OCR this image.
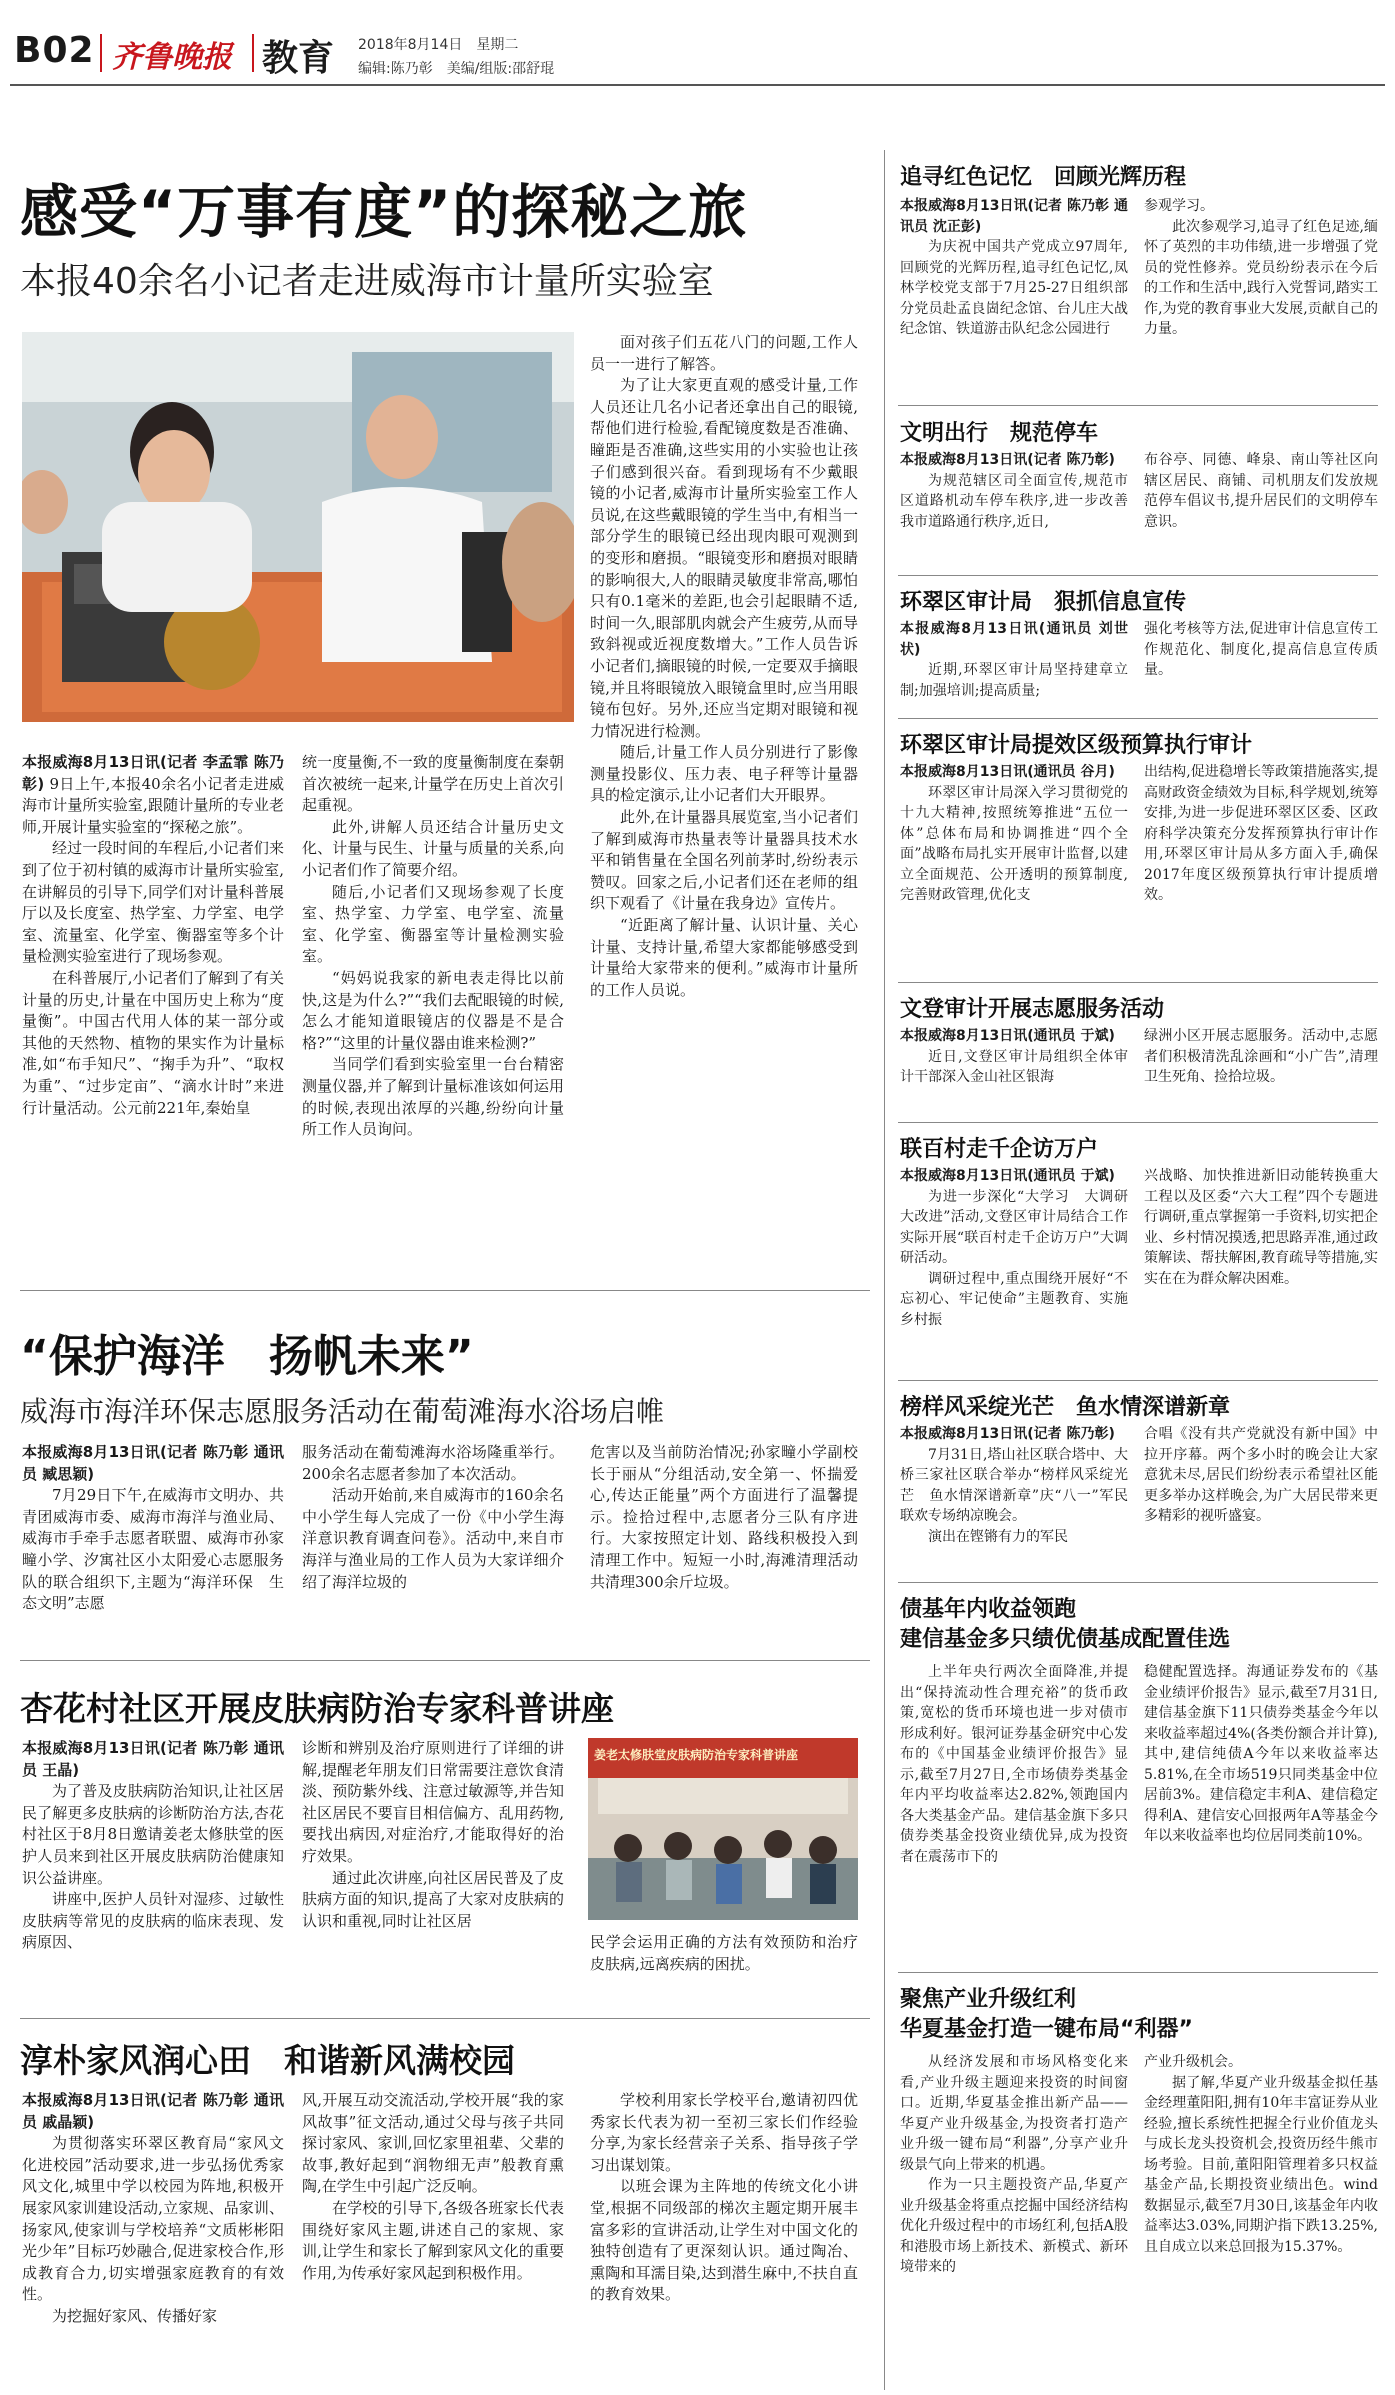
B02 齐鲁晚报 教育 2018年8月14日　星期二
编辑:陈乃彰　美编/组版:邵舒琨
感受“万事有度”的探秘之旅
本报40余名小记者走进威海市计量所实验室

本报威海8月13日讯(记者 李孟霏 陈乃彰) 9日上午,本报40余名小记者走进威海市计量所实验室,跟随计量所的专业老师,开展计量实验室的“探秘之旅”。

经过一段时间的车程后,小记者们来到了位于初村镇的威海市计量所实验室,在讲解员的引导下,同学们对计量科普展厅以及长度室、热学室、力学室、电学室、流量室、化学室、衡器室等多个计量检测实验室进行了现场参观。

在科普展厅,小记者们了解到了有关计量的历史,计量在中国历史上称为“度量衡”。中国古代用人体的某一部分或其他的天然物、植物的果实作为计量标准,如“布手知尺”、“掬手为升”、“取权为重”、“过步定亩”、“滴水计时”来进行计量活动。公元前221年,秦始皇

统一度量衡,不一致的度量衡制度在秦朝首次被统一起来,计量学在历史上首次引起重视。

此外,讲解人员还结合计量历史文化、计量与民生、计量与质量的关系,向小记者们作了简要介绍。

随后,小记者们又现场参观了长度室、热学室、力学室、电学室、流量室、化学室、衡器室等计量检测实验室。

“妈妈说我家的新电表走得比以前快,这是为什么?”“我们去配眼镜的时候,怎么才能知道眼镜店的仪器是不是合格?”“这里的计量仪器由谁来检测?”

当同学们看到实验室里一台台精密测量仪器,并了解到计量标准该如何运用的时候,表现出浓厚的兴趣,纷纷向计量所工作人员询问。

面对孩子们五花八门的问题,工作人员一一进行了解答。

为了让大家更直观的感受计量,工作人员还让几名小记者还拿出自己的眼镜,帮他们进行检验,看配镜度数是否准确、瞳距是否准确,这些实用的小实验也让孩子们感到很兴奋。看到现场有不少戴眼镜的小记者,威海市计量所实验室工作人员说,在这些戴眼镜的学生当中,有相当一部分学生的眼镜已经出现肉眼可观测到的变形和磨损。“眼镜变形和磨损对眼睛的影响很大,人的眼睛灵敏度非常高,哪怕只有0.1毫米的差距,也会引起眼睛不适,时间一久,眼部肌肉就会产生疲劳,从而导致斜视或近视度数增大。”工作人员告诉小记者们,摘眼镜的时候,一定要双手摘眼镜,并且将眼镜放入眼镜盒里时,应当用眼镜布包好。另外,还应当定期对眼镜和视力情况进行检测。

随后,计量工作人员分别进行了影像测量投影仪、压力表、电子秤等计量器具的检定演示,让小记者们大开眼界。

此外,在计量器具展览室,当小记者们了解到威海市热量表等计量器具技术水平和销售量在全国名列前茅时,纷纷表示赞叹。回家之后,小记者们还在老师的组织下观看了《计量在我身边》宣传片。

“近距离了解计量、认识计量、关心计量、支持计量,希望大家都能够感受到计量给大家带来的便利。”威海市计量所的工作人员说。

“保护海洋　扬帆未来”
威海市海洋环保志愿服务活动在葡萄滩海水浴场启帷

本报威海8月13日讯(记者 陈乃彰 通讯员 臧思颖)

7月29日下午,在威海市文明办、共青团威海市委、威海市海洋与渔业局、威海市手牵手志愿者联盟、威海市孙家疃小学、汐寓社区小太阳爱心志愿服务队的联合组织下,主题为“海洋环保　生态文明”志愿

服务活动在葡萄滩海水浴场隆重举行。200余名志愿者参加了本次活动。

活动开始前,来自威海市的160余名中小学生每人完成了一份《中小学生海洋意识教育调查问卷》。活动中,来自市海洋与渔业局的工作人员为大家详细介绍了海洋垃圾的

危害以及当前防治情况;孙家疃小学副校长于丽从“分组活动,安全第一、怀揣爱心,传达正能量”两个方面进行了温馨提示。捡拾过程中,志愿者分三队有序进行。大家按照定计划、路线积极投入到清理工作中。短短一小时,海滩清理活动共清理300余斤垃圾。

杏花村社区开展皮肤病防治专家科普讲座

本报威海8月13日讯(记者 陈乃彰 通讯员 王晶)

为了普及皮肤病防治知识,让社区居民了解更多皮肤病的诊断防治方法,杏花村社区于8月8日邀请姜老太修肤堂的医护人员来到社区开展皮肤病防治健康知识公益讲座。

讲座中,医护人员针对湿疹、过敏性皮肤病等常见的皮肤病的临床表现、发病原因、

诊断和辨别及治疗原则进行了详细的讲解,提醒老年朋友们日常需要注意饮食清淡、预防紫外线、注意过敏源等,并告知社区居民不要盲目相信偏方、乱用药物,要找出病因,对症治疗,才能取得好的治疗效果。

通过此次讲座,向社区居民普及了皮肤病方面的知识,提高了大家对皮肤病的认识和重视,同时让社区居

姜老太修肤堂皮肤病防治专家科普讲座

民学会运用正确的方法有效预防和治疗皮肤病,远离疾病的困扰。

淳朴家风润心田　和谐新风满校园

本报威海8月13日讯(记者 陈乃彰 通讯员 戚晶颖)

为贯彻落实环翠区教育局“家风文化进校园”活动要求,进一步弘扬优秀家风文化,城里中学以校园为阵地,积极开展家风家训建设活动,立家规、品家训、扬家风,使家训与学校培养“文质彬彬阳光少年”目标巧妙融合,促进家校合作,形成教育合力,切实增强家庭教育的有效性。

为挖掘好家风、传播好家

风,开展互动交流活动,学校开展“我的家风故事”征文活动,通过父母与孩子共同探讨家风、家训,回忆家里祖辈、父辈的故事,教好起到“润物细无声”般教育熏陶,在学生中引起广泛反响。

在学校的引导下,各级各班家长代表围绕好家风主题,讲述自己的家规、家训,让学生和家长了解到家风文化的重要作用,为传承好家风起到积极作用。

学校利用家长学校平台,邀请初四优秀家长代表为初一至初三家长们作经验分享,为家长经营亲子关系、指导孩子学习出谋划策。

以班会课为主阵地的传统文化小讲堂,根据不同级部的梯次主题定期开展丰富多彩的宣讲活动,让学生对中国文化的独特创造有了更深刻认识。通过陶冶、熏陶和耳濡目染,达到潜生麻中,不扶自直的教育效果。

追寻红色记忆　回顾光辉历程

本报威海8月13日讯(记者 陈乃彰 通讯员 沈正彭)

为庆祝中国共产党成立97周年,回顾党的光辉历程,追寻红色记忆,凤林学校党支部于7月25-27日组织部分党员赴孟良崮纪念馆、台儿庄大战纪念馆、铁道游击队纪念公园进行

参观学习。

此次参观学习,追寻了红色足迹,缅怀了英烈的丰功伟绩,进一步增强了党员的党性修养。党员纷纷表示在今后的工作和生活中,践行入党誓词,踏实工作,为党的教育事业大发展,贡献自己的力量。

文明出行　规范停车

本报威海8月13日讯(记者 陈乃彰)

为规范辖区司全面宣传,规范市区道路机动车停车秩序,进一步改善我市道路通行秩序,近日,

布谷亭、同德、峰泉、南山等社区向辖区居民、商铺、司机朋友们发放规范停车倡议书,提升居民们的文明停车意识。

环翠区审计局　狠抓信息宣传

本报威海8月13日讯(通讯员 刘世状)

近期,环翠区审计局坚持建章立制;加强培训;提高质量;

强化考核等方法,促进审计信息宣传工作规范化、制度化,提高信息宣传质量。

环翠区审计局提效区级预算执行审计

本报威海8月13日讯(通讯员 谷月)

环翠区审计局深入学习贯彻党的十九大精神,按照统筹推进“五位一体”总体布局和协调推进“四个全面”战略布局扎实开展审计监督,以建立全面规范、公开透明的预算制度,完善财政管理,优化支

出结构,促进稳增长等政策措施落实,提高财政资金绩效为目标,科学规划,统筹安排,为进一步促进环翠区区委、区政府科学决策充分发挥预算执行审计作用,环翠区审计局从多方面入手,确保2017年度区级预算执行审计提质增效。

文登审计开展志愿服务活动

本报威海8月13日讯(通讯员 于斌)

近日,文登区审计局组织全体审计干部深入金山社区银海

绿洲小区开展志愿服务。活动中,志愿者们积极清洗乱涂画和“小广告”,清理卫生死角、捡拾垃圾。

联百村走千企访万户

本报威海8月13日讯(通讯员 于斌)

为进一步深化“大学习　大调研　大改进”活动,文登区审计局结合工作实际开展“联百村走千企访万户”大调研活动。

调研过程中,重点围绕开展好“不忘初心、牢记使命”主题教育、实施乡村振

兴战略、加快推进新旧动能转换重大工程以及区委“六大工程”四个专题进行调研,重点掌握第一手资料,切实把企业、乡村情况摸透,把思路弄准,通过政策解读、帮扶解困,教育疏导等措施,实实在在为群众解决困难。

榜样风采绽光芒　鱼水情深谱新章

本报威海8月13日讯(记者 陈乃彰)

7月31日,塔山社区联合塔中、大桥三家社区联合举办“榜样风采绽光芒　鱼水情深谱新章”庆“八一”军民联欢专场纳凉晚会。

演出在铿锵有力的军民

合唱《没有共产党就没有新中国》中拉开序幕。两个多小时的晚会让大家意犹未尽,居民们纷纷表示希望社区能更多举办这样晚会,为广大居民带来更多精彩的视听盛宴。

债基年内收益领跑
建信基金多只绩优债基成配置佳选

上半年央行两次全面降准,并提出“保持流动性合理充裕”的货币政策,宽松的货币环境也进一步对债市形成利好。银河证券基金研究中心发布的《中国基金业绩评价报告》显示,截至7月27日,全市场债券类基金年内平均收益率达2.82%,领跑国内各大类基金产品。建信基金旗下多只债券类基金投资业绩优异,成为投资者在震荡市下的

稳健配置选择。海通证券发布的《基金业绩评价报告》显示,截至7月31日,建信基金旗下11只债券类基金今年以来收益率超过4%(各类份额合并计算),其中,建信纯债A今年以来收益率达5.81%,在全市场519只同类基金中位居前3%。建信稳定丰利A、建信稳定得利A、建信安心回报两年A等基金今年以来收益率也均位居同类前10%。

聚焦产业升级红利
华夏基金打造一键布局“利器”

从经济发展和市场风格变化来看,产业升级主题迎来投资的时间窗口。近期,华夏基金推出新产品——华夏产业升级基金,为投资者打造产业升级一键布局“利器”,分享产业升级景气向上带来的机遇。

作为一只主题投资产品,华夏产业升级基金将重点挖掘中国经济结构优化升级过程中的市场红利,包括A股和港股市场上新技术、新模式、新环境带来的

产业升级机会。

据了解,华夏产业升级基金拟任基金经理董阳阳,拥有10年丰富证券从业经验,擅长系统性把握全行业价值龙头与成长龙头投资机会,投资历经牛熊市场考验。目前,董阳阳管理着多只权益基金产品,长期投资业绩出色。wind数据显示,截至7月30日,该基金年内收益率达3.03%,同期沪指下跌13.25%,且自成立以来总回报为15.37%。
